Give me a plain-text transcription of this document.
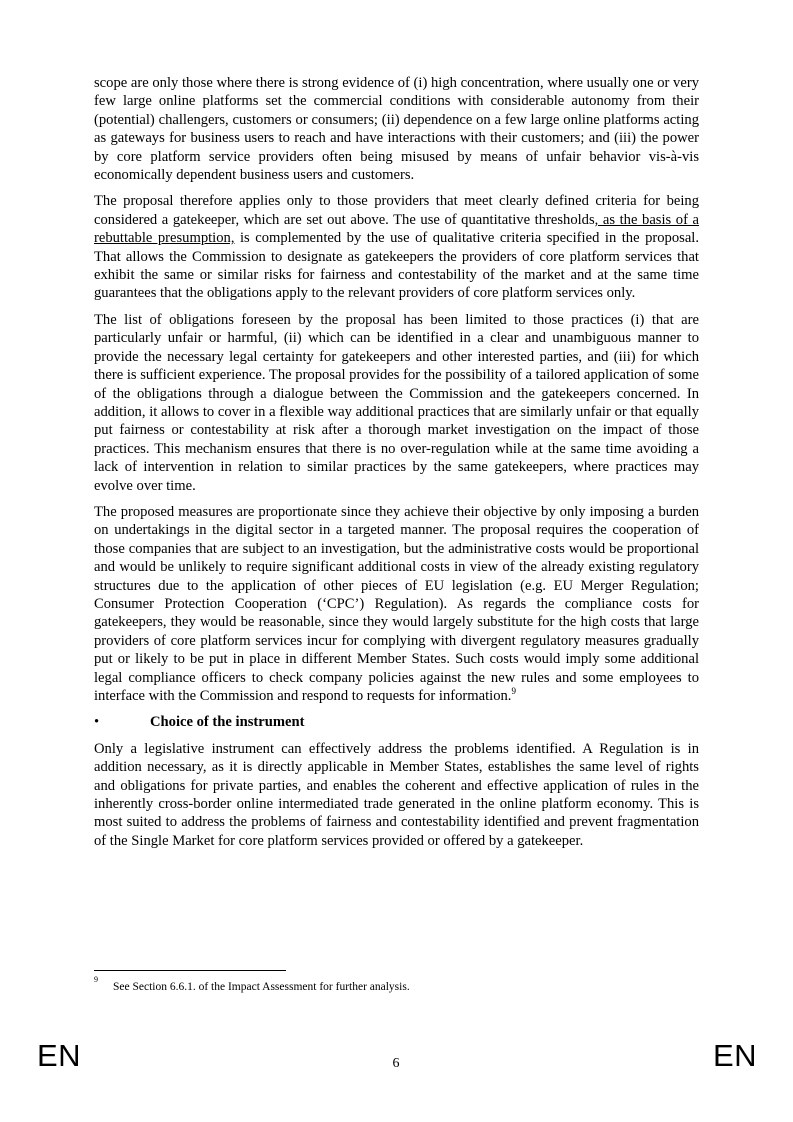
scope are only those where there is strong evidence of (i) high concentration, where usually one or very few large online platforms set the commercial conditions with considerable autonomy from their (potential) challengers, customers or consumers; (ii) dependence on a few large online platforms acting as gateways for business users to reach and have interactions with their customers; and (iii) the power by core platform service providers often being misused by means of unfair behavior vis-à-vis economically dependent business users and customers.

The proposal therefore applies only to those providers that meet clearly defined criteria for being considered a gatekeeper, which are set out above. The use of quantitative thresholds, as the basis of a rebuttable presumption, is complemented by the use of qualitative criteria specified in the proposal. That allows the Commission to designate as gatekeepers the providers of core platform services that exhibit the same or similar risks for fairness and contestability of the market and at the same time guarantees that the obligations apply to the relevant providers of core platform services only.

The list of obligations foreseen by the proposal has been limited to those practices (i) that are particularly unfair or harmful, (ii) which can be identified in a clear and unambiguous manner to provide the necessary legal certainty for gatekeepers and other interested parties, and (iii) for which there is sufficient experience. The proposal provides for the possibility of a tailored application of some of the obligations through a dialogue between the Commission and the gatekeepers concerned. In addition, it allows to cover in a flexible way additional practices that are similarly unfair or that equally put fairness or contestability at risk after a thorough market investigation on the impact of those practices. This mechanism ensures that there is no over-regulation while at the same time avoiding a lack of intervention in relation to similar practices by the same gatekeepers, where practices may evolve over time.

The proposed measures are proportionate since they achieve their objective by only imposing a burden on undertakings in the digital sector in a targeted manner. The proposal requires the cooperation of those companies that are subject to an investigation, but the administrative costs would be proportional and would be unlikely to require significant additional costs in view of the already existing regulatory structures due to the application of other pieces of EU legislation (e.g. EU Merger Regulation; Consumer Protection Cooperation (‘CPC’) Regulation). As regards the compliance costs for gatekeepers, they would be reasonable, since they would largely substitute for the high costs that large providers of core platform services incur for complying with divergent regulatory measures gradually put or likely to be put in place in different Member States. Such costs would imply some additional legal compliance officers to check company policies against the new rules and some employees to interface with the Commission and respond to requests for information.$^9$

•	Choice of the instrument

Only a legislative instrument can effectively address the problems identified. A Regulation is in addition necessary, as it is directly applicable in Member States, establishes the same level of rights and obligations for private parties, and enables the coherent and effective application of rules in the inherently cross-border online intermediated trade generated in the online platform economy. This is most suited to address the problems of fairness and contestability identified and prevent fragmentation of the Single Market for core platform services provided or offered by a gatekeeper.

9
See Section 6.6.1. of the Impact Assessment for further analysis.
EN	6	EN
